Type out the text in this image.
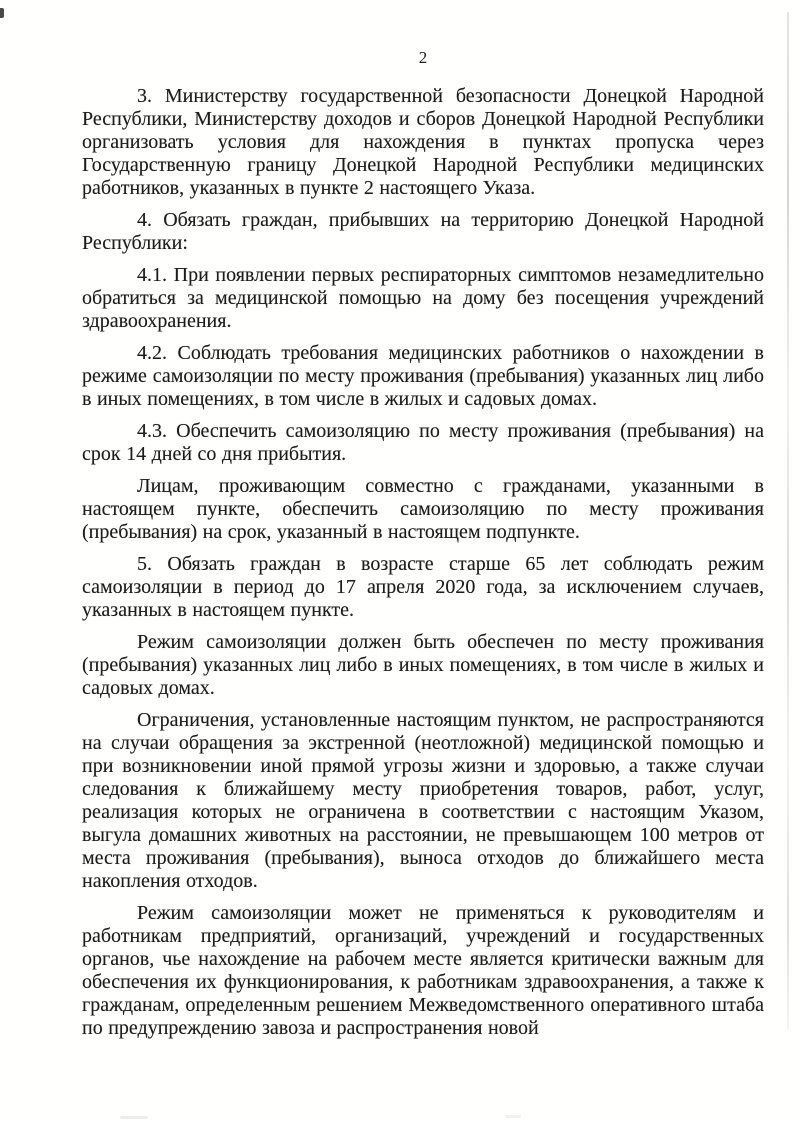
2

3. Министерству государственной безопасности Донецкой Народной Республики, Министерству доходов и сборов Донецкой Народной Республики организовать условия для нахождения в пунктах пропуска через Государственную границу Донецкой Народной Республики медицинских работников, указанных в пункте 2 настоящего Указа.

4. Обязать граждан, прибывших на территорию Донецкой Народной Республики:

4.1. При появлении первых респираторных симптомов незамедлительно обратиться за медицинской помощью на дому без посещения учреждений здравоохранения.

4.2. Соблюдать требования медицинских работников о нахождении в режиме самоизоляции по месту проживания (пребывания) указанных лиц либо в иных помещениях, в том числе в жилых и садовых домах.

4.3. Обеспечить самоизоляцию по месту проживания (пребывания) на срок 14 дней со дня прибытия.

Лицам, проживающим совместно с гражданами, указанными в настоящем пункте, обеспечить самоизоляцию по месту проживания (пребывания) на срок, указанный в настоящем подпункте.

5. Обязать граждан в возрасте старше 65 лет соблюдать режим самоизоляции в период до 17 апреля 2020 года, за исключением случаев, указанных в настоящем пункте.

Режим самоизоляции должен быть обеспечен по месту проживания (пребывания) указанных лиц либо в иных помещениях, в том числе в жилых и садовых домах.

Ограничения, установленные настоящим пунктом, не распространяются на случаи обращения за экстренной (неотложной) медицинской помощью и при возникновении иной прямой угрозы жизни и здоровью, а также случаи следования к ближайшему месту приобретения товаров, работ, услуг, реализация которых не ограничена в соответствии с настоящим Указом, выгула домашних животных на расстоянии, не превышающем 100 метров от места проживания (пребывания), выноса отходов до ближайшего места накопления отходов.

Режим самоизоляции может не применяться к руководителям и работникам предприятий, организаций, учреждений и государственных органов, чье нахождение на рабочем месте является критически важным для обеспечения их функционирования, к работникам здравоохранения, а также к гражданам, определенным решением Межведомственного оперативного штаба по предупреждению завоза и распространения новой
